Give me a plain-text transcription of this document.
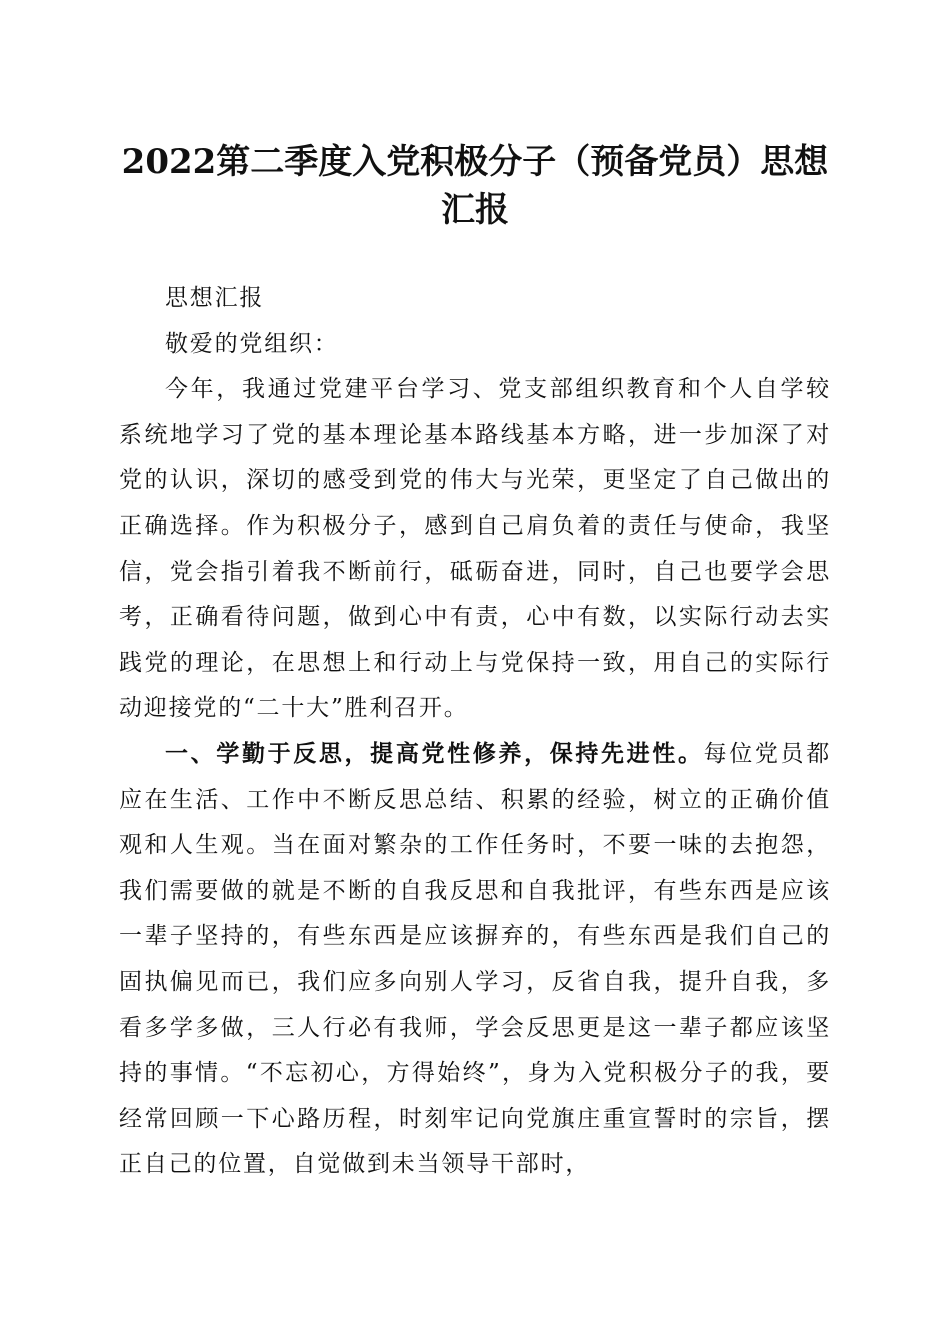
2022第二季度入党积极分子（预备党员）思想汇报

思想汇报

敬爱的党组织：

今年，我通过党建平台学习、党支部组织教育和个人自学较系统地学习了党的基本理论基本路线基本方略，进一步加深了对党的认识，深切的感受到党的伟大与光荣，更坚定了自己做出的正确选择。作为积极分子，感到自己肩负着的责任与使命，我坚信，党会指引着我不断前行，砥砺奋进，同时，自己也要学会思考，正确看待问题，做到心中有责，心中有数，以实际行动去实践党的理论，在思想上和行动上与党保持一致，用自己的实际行动迎接党的“二十大”胜利召开。

一、学勤于反思，提高党性修养，保持先进性。每位党员都应在生活、工作中不断反思总结、积累的经验，树立的正确价值观和人生观。当在面对繁杂的工作任务时，不要一味的去抱怨，我们需要做的就是不断的自我反思和自我批评，有些东西是应该一辈子坚持的，有些东西是应该摒弃的，有些东西是我们自己的固执偏见而已，我们应多向别人学习，反省自我，提升自我，多看多学多做，三人行必有我师，学会反思更是这一辈子都应该坚持的事情。“不忘初心，方得始终”，身为入党积极分子的我，要经常回顾一下心路历程，时刻牢记向党旗庄重宣誓时的宗旨，摆正自己的位置，自觉做到未当领导干部时，
